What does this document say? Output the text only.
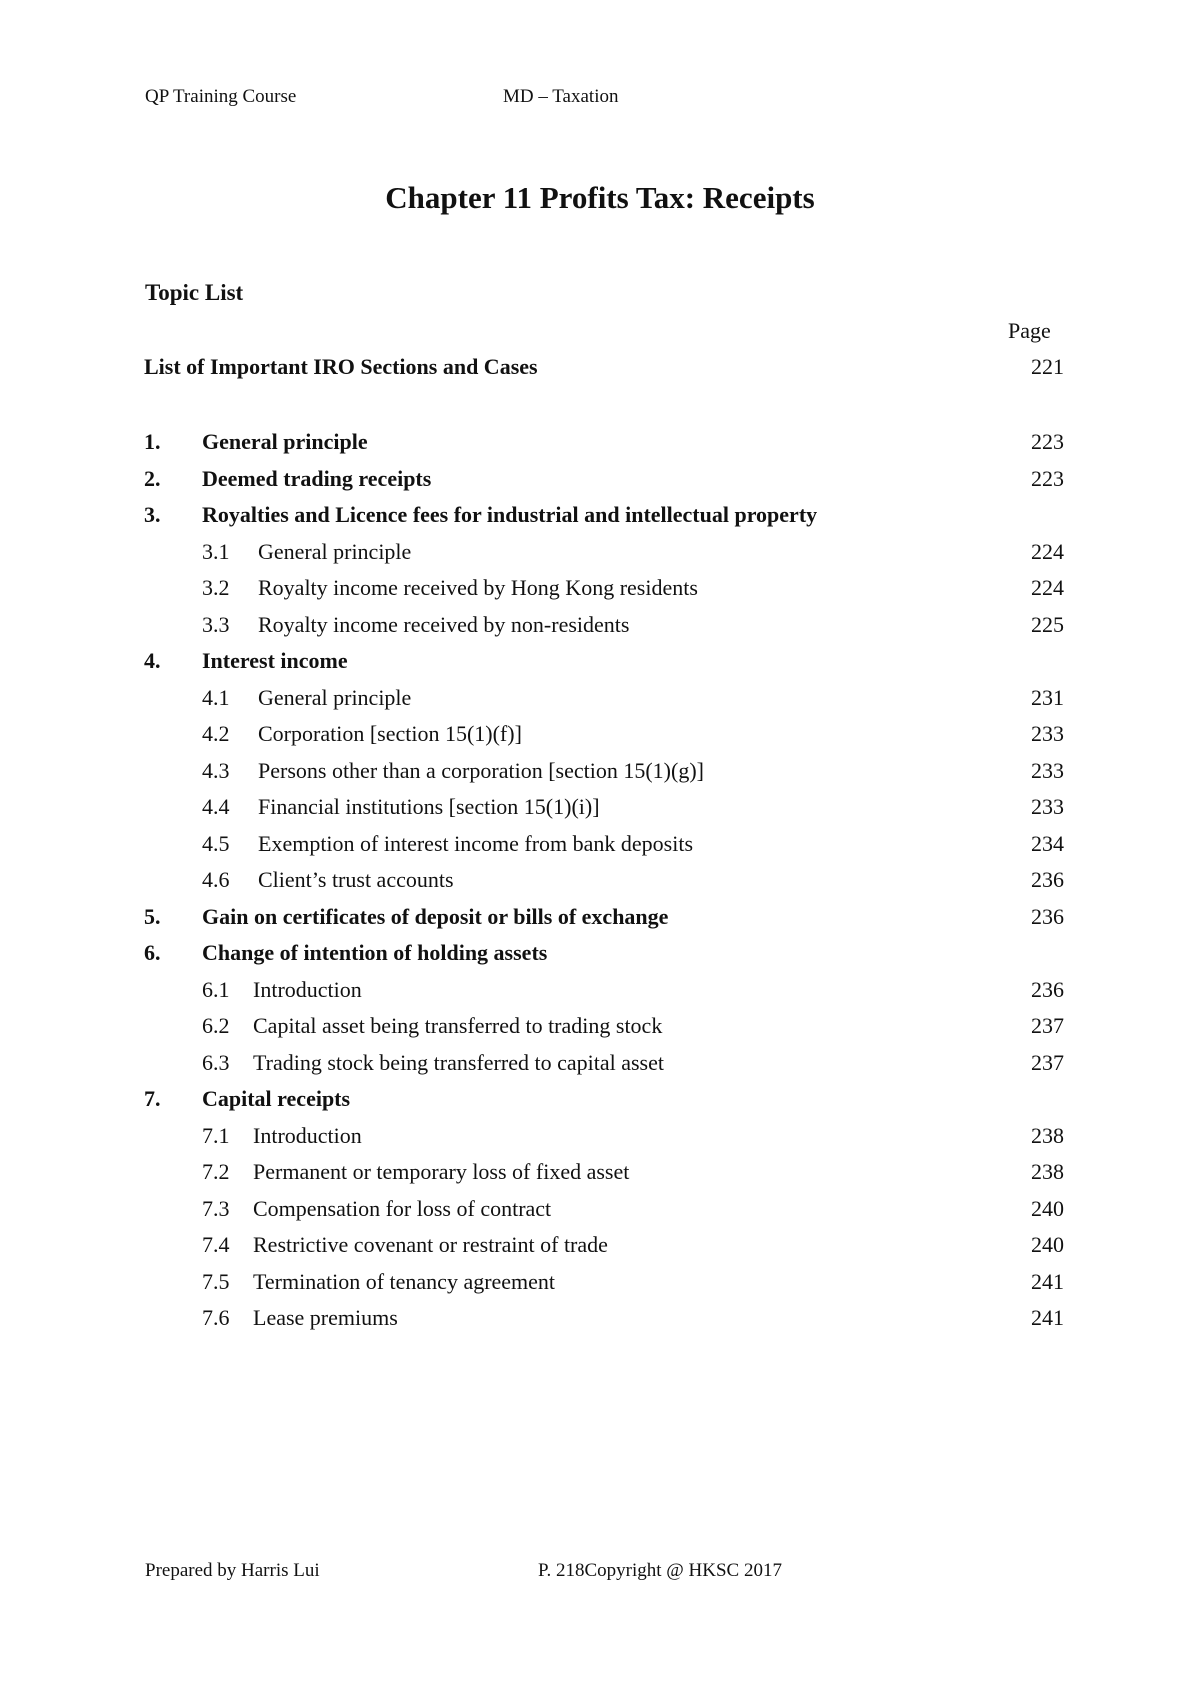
QP Training Course	MD – Taxation
Chapter 11 Profits Tax: Receipts
Topic List
Page
List of Important IRO Sections and Cases	221
1. General principle	223
2. Deemed trading receipts	223
3. Royalties and Licence fees for industrial and intellectual property
3.1 General principle	224
3.2 Royalty income received by Hong Kong residents	224
3.3 Royalty income received by non-residents	225
4. Interest income
4.1 General principle	231
4.2 Corporation [section 15(1)(f)]	233
4.3 Persons other than a corporation [section 15(1)(g)]	233
4.4 Financial institutions [section 15(1)(i)]	233
4.5 Exemption of interest income from bank deposits	234
4.6 Client’s trust accounts	236
5. Gain on certificates of deposit or bills of exchange	236
6. Change of intention of holding assets
6.1 Introduction	236
6.2 Capital asset being transferred to trading stock	237
6.3 Trading stock being transferred to capital asset	237
7. Capital receipts
7.1 Introduction	238
7.2 Permanent or temporary loss of fixed asset	238
7.3 Compensation for loss of contract	240
7.4 Restrictive covenant or restraint of trade	240
7.5 Termination of tenancy agreement	241
7.6 Lease premiums	241
Prepared by Harris Lui	P. 218Copyright @ HKSC 2017
